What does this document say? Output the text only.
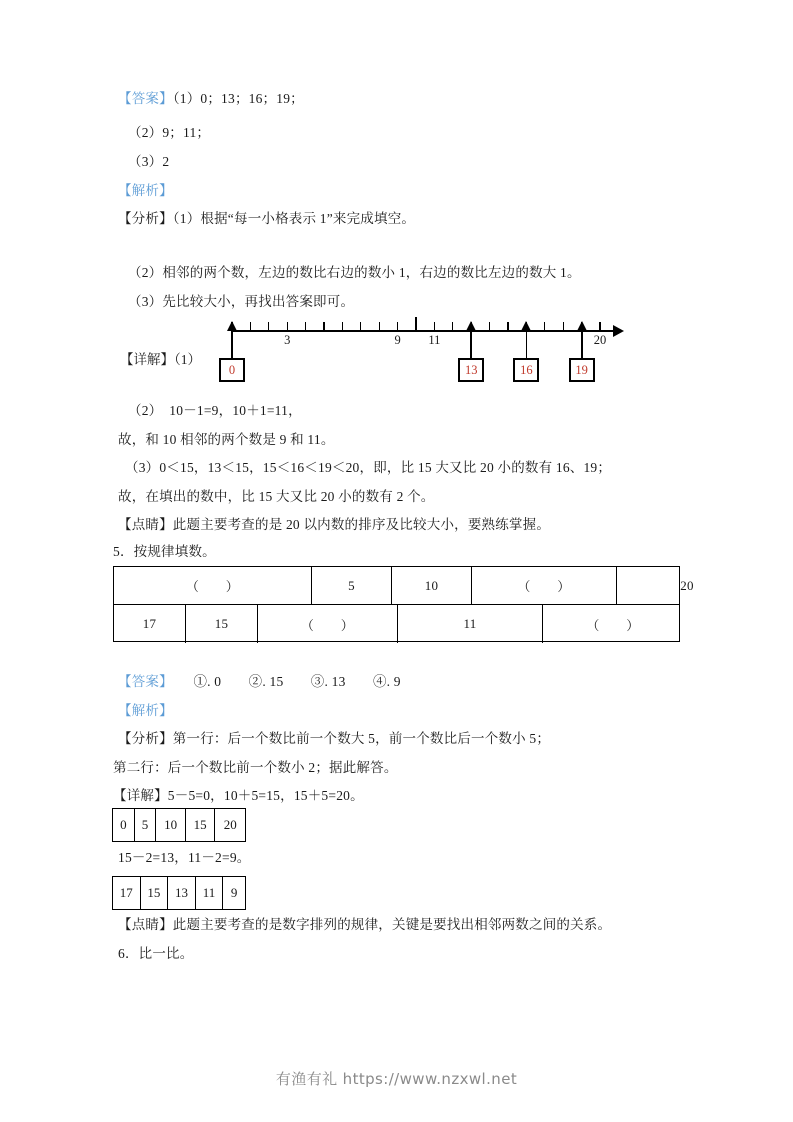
【答案】（1）0；13；16；19；
（2）9；11；
（3）2
【解析】
【分析】（1）根据“每一小格表示 1”来完成填空。
（2）相邻的两个数，左边的数比右边的数小 1，右边的数比左边的数大 1。
（3）先比较大小，再找出答案即可。
【详解】（1）
3	9 11	20
0	13	16	19
（2）　10－1=9，10＋1=11，
故，和 10 相邻的两个数是 9 和 11。
（3）0＜15，13＜15，15＜16＜19＜20，即，比 15 大又比 20 小的数有 16、19；
故，在填出的数中，比 15 大又比 20 小的数有 2 个。
【点睛】此题主要考查的是 20 以内数的排序及比较大小，要熟练掌握。
5．按规律填数。
（　　）	5	10	（　　）	20
17	15	（　　）	11	（　　）
【答案】　　①. 0　　②. 15　　③. 13　　④. 9
【解析】
【分析】第一行：后一个数比前一个数大 5，前一个数比后一个数小 5；
第二行：后一个数比前一个数小 2；据此解答。
【详解】5－5=0，10＋5=15，15＋5=20。
0	5	10	15	20
15－2=13，11－2=9。
17	15	13	11	9
【点睛】此题主要考查的是数字排列的规律，关键是要找出相邻两数之间的关系。
6．比一比。
有渔有礼 https://www.nzxwl.net
